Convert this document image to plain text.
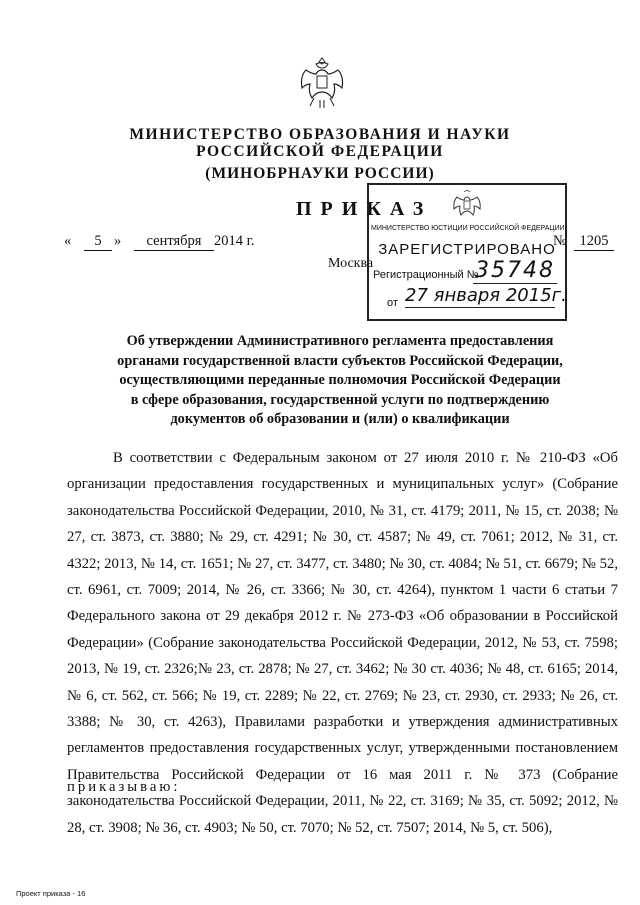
МИНИСТЕРСТВО ОБРАЗОВАНИЯ И НАУКИ
РОССИЙСКОЙ ФЕДЕРАЦИИ
(МИНОБРНАУКИ РОССИИ)
ПРИКАЗ
«	5 »	сентября 2014 г.	№ 1205
Москва
МИНИСТЕРСТВО ЮСТИЦИИ РОССИЙСКОЙ ФЕДЕРАЦИИ
ЗАРЕГИСТРИРОВАНО
Регистрационный №
35748
от 27 января 2015г.
Об утверждении Административного регламента предоставления
органами государственной власти субъектов Российской Федерации,
осуществляющими переданные полномочия Российской Федерации
в сфере образования, государственной услуги по подтверждению
документов об образовании и (или) о квалификации

В соответствии с Федеральным законом от 27 июля 2010 г. № 210-ФЗ «Об организации предоставления государственных и муниципальных услуг» (Собрание законодательства Российской Федерации, 2010, № 31, ст. 4179; 2011, № 15, ст. 2038; № 27, ст. 3873, ст. 3880; № 29, ст. 4291; № 30, ст. 4587; № 49, ст. 7061; 2012, № 31, ст. 4322; 2013, № 14, ст. 1651; № 27, ст. 3477, ст. 3480; № 30, ст. 4084; № 51, ст. 6679; № 52, ст. 6961, ст. 7009; 2014, № 26, ст. 3366; № 30, ст. 4264), пунктом 1 части 6 статьи 7 Федерального закона от 29 декабря 2012 г. № 273-ФЗ «Об образовании в Российской Федерации» (Собрание законодательства Российской Федерации, 2012, № 53, ст. 7598; 2013, № 19, ст. 2326;№ 23, ст. 2878; № 27, ст. 3462; № 30 ст. 4036; № 48, ст. 6165; 2014, № 6, ст. 562, ст. 566; № 19, ст. 2289; № 22, ст. 2769; № 23, ст. 2930, ст. 2933; № 26, ст. 3388; № 30, ст. 4263), Правилами разработки и утверждения административных регламентов предоставления государственных услуг, утвержденными постановлением Правительства Российской Федерации от 16 мая 2011 г. № 373 (Собрание законодательства Российской Федерации, 2011, № 22, ст. 3169; № 35, ст. 5092; 2012, № 28, ст. 3908; № 36, ст. 4903; № 50, ст. 7070; № 52, ст. 7507; 2014, № 5, ст. 506),

приказываю:
Проект приказа - 16
